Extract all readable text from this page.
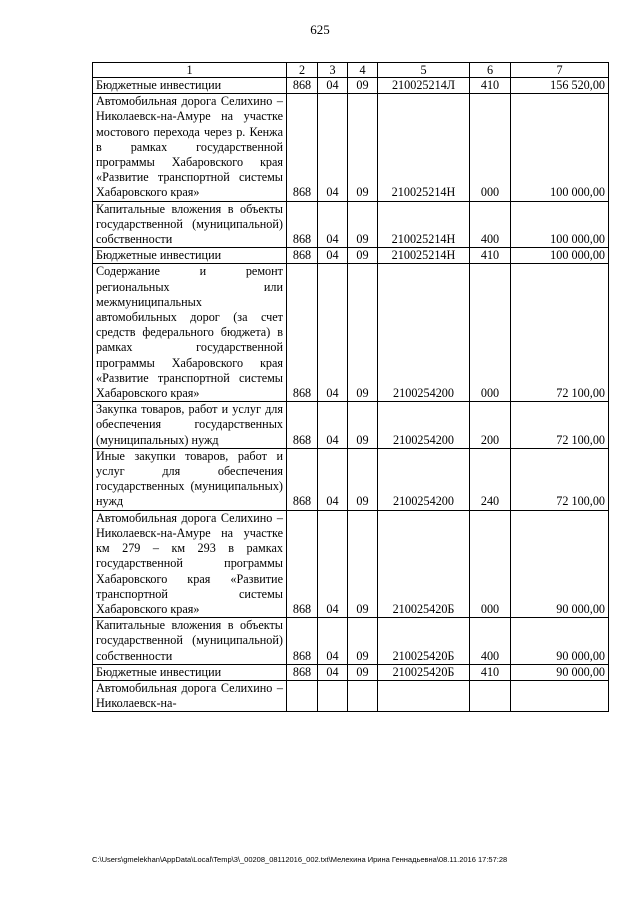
625
1	2	3	4	5	6	7
Бюджетные инвестиции	868	04	09	210025214Л	410	156 520,00
Автомобильная дорога Селихино – Николаевск-на-Амуре на участке мостового перехода через р. Кенжа в рамках государственной программы Хабаровского края «Развитие транспортной системы Хабаровского края»	868	04	09	210025214Н	000	100 000,00
Капитальные вложения в объекты государственной (муниципальной) собственности	868	04	09	210025214Н	400	100 000,00
Бюджетные инвестиции	868	04	09	210025214Н	410	100 000,00
Содержание и ремонт региональных или межмуниципальных автомобильных дорог (за счет средств федерального бюджета) в рамках государственной программы Хабаровского края «Развитие транспортной системы Хабаровского края»	868	04	09	2100254200	000	72 100,00
Закупка товаров, работ и услуг для обеспечения государственных (муниципальных) нужд	868	04	09	2100254200	200	72 100,00
Иные закупки товаров, работ и услуг для обеспечения государственных (муниципальных) нужд	868	04	09	2100254200	240	72 100,00
Автомобильная дорога Селихино – Николаевск-на-Амуре на участке км 279 – км 293 в рамках государственной программы Хабаровского края «Развитие транспортной системы Хабаровского края»	868	04	09	210025420Б	000	90 000,00
Капитальные вложения в объекты государственной (муниципальной) собственности	868	04	09	210025420Б	400	90 000,00
Бюджетные инвестиции	868	04	09	210025420Б	410	90 000,00
Автомобильная дорога Селихино – Николаевск-на-						
C:\Users\gmelekhan\AppData\Local\Temp\3\_00208_08112016_002.txt\Мелехина Ирина Геннадьевна\08.11.2016 17:57:28
